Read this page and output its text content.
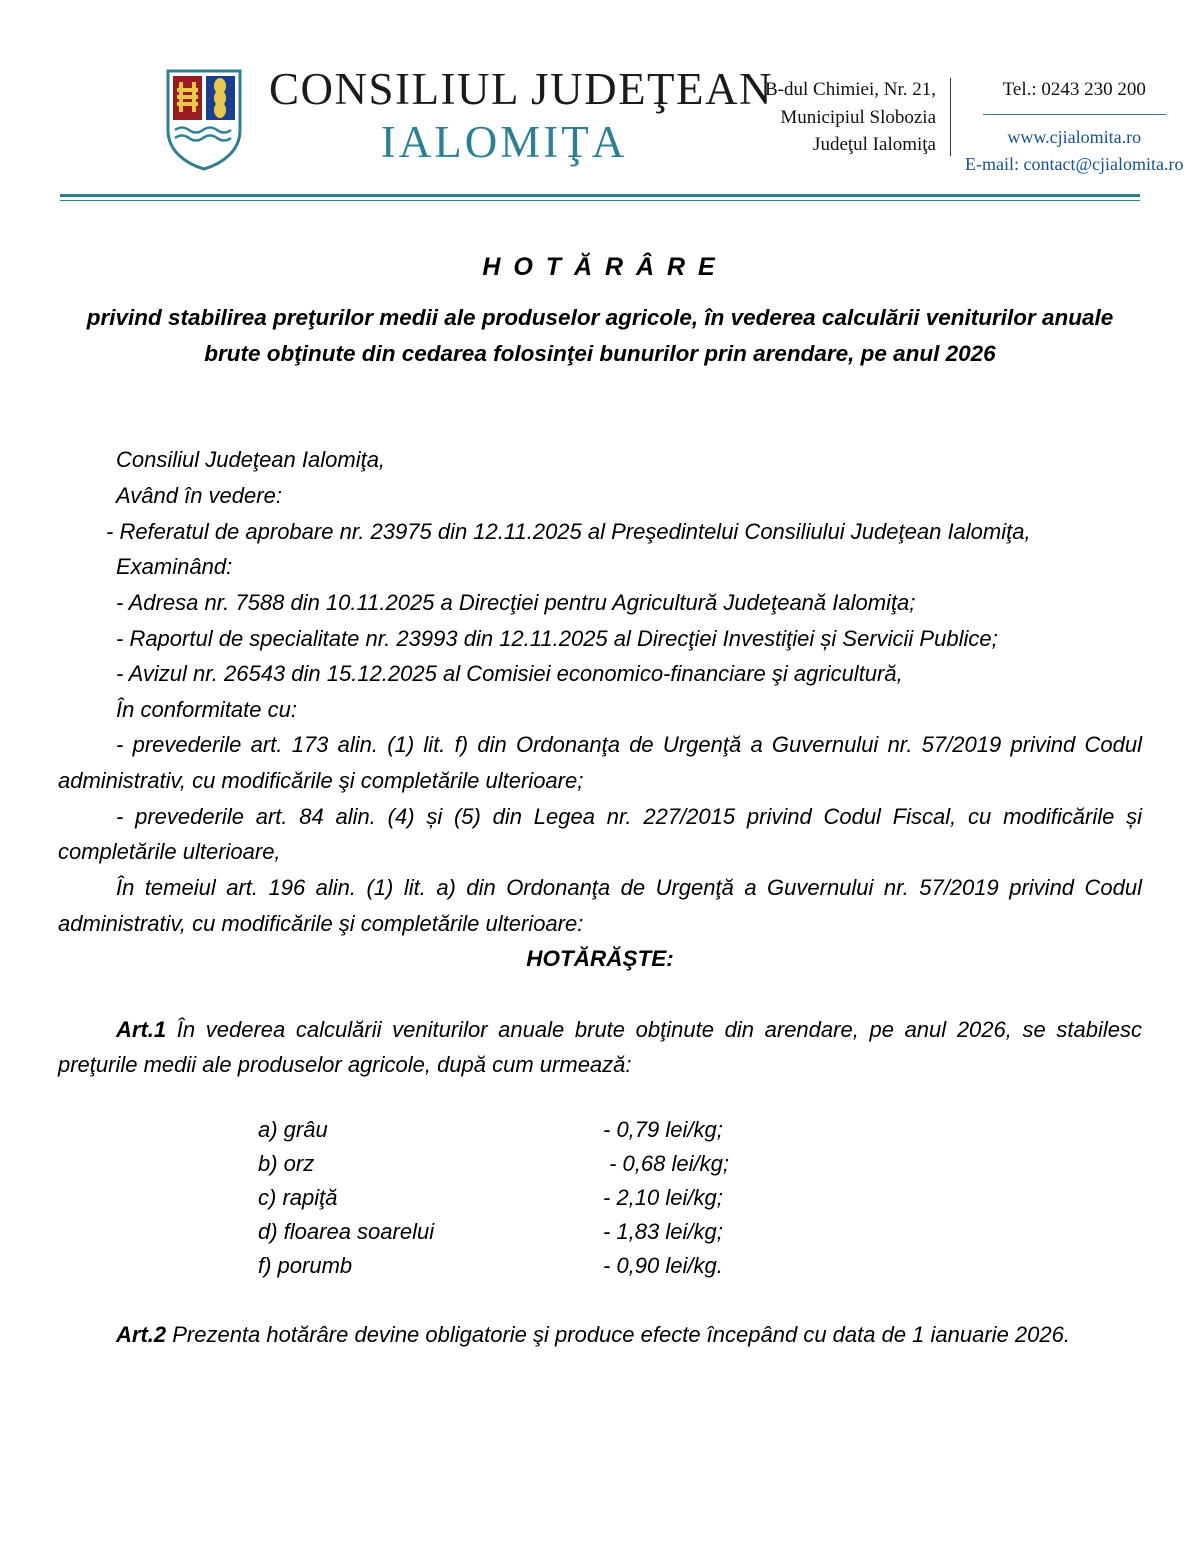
CONSILIUL JUDEŢEAN
IALOMIŢA
B-dul Chimiei, Nr. 21,
Municipiul Slobozia
Judeţul Ialomiţa
Tel.: 0243 230 200
www.cjialomita.ro
E-mail: contact@cjialomita.ro
H O T Ă R Â R E
privind stabilirea preţurilor medii ale produselor agricole, în vederea calculării veniturilor anuale brute obţinute din cedarea folosinţei bunurilor prin arendare, pe anul 2026

Consiliul Judeţean Ialomiţa,

Având în vedere:

- Referatul de aprobare nr. 23975 din 12.11.2025 al Preşedintelui Consiliului Judeţean Ialomiţa,

Examinând:

- Adresa nr. 7588 din 10.11.2025 a Direcţiei pentru Agricultură Judeţeană Ialomiţa;

- Raportul de specialitate nr. 23993 din 12.11.2025 al Direcţiei Investiţiei și Servicii Publice;

- Avizul nr. 26543 din 15.12.2025 al Comisiei economico-financiare şi agricultură,

În conformitate cu:

- prevederile art. 173 alin. (1) lit. f) din Ordonanţa de Urgenţă a Guvernului nr. 57/2019 privind Codul administrativ, cu modificările şi completările ulterioare;

- prevederile art. 84 alin. (4) și (5) din Legea nr. 227/2015 privind Codul Fiscal, cu modificările și completările ulterioare,

În temeiul art. 196 alin. (1) lit. a) din Ordonanţa de Urgenţă a Guvernului nr. 57/2019 privind Codul administrativ, cu modificările şi completările ulterioare:

HOTĂRĂŞTE:

Art.1 În vederea calculării veniturilor anuale brute obţinute din arendare, pe anul 2026, se stabilesc preţurile medii ale produselor agricole, după cum urmează:
a) grâu	- 0,79 lei/kg;
b) orz	- 0,68 lei/kg;
c) rapiţă	- 2,10 lei/kg;
d) floarea soarelui	- 1,83 lei/kg;
f) porumb	- 0,90 lei/kg.
Art.2 Prezenta hotărâre devine obligatorie şi produce efecte începând cu data de 1 ianuarie 2026.
